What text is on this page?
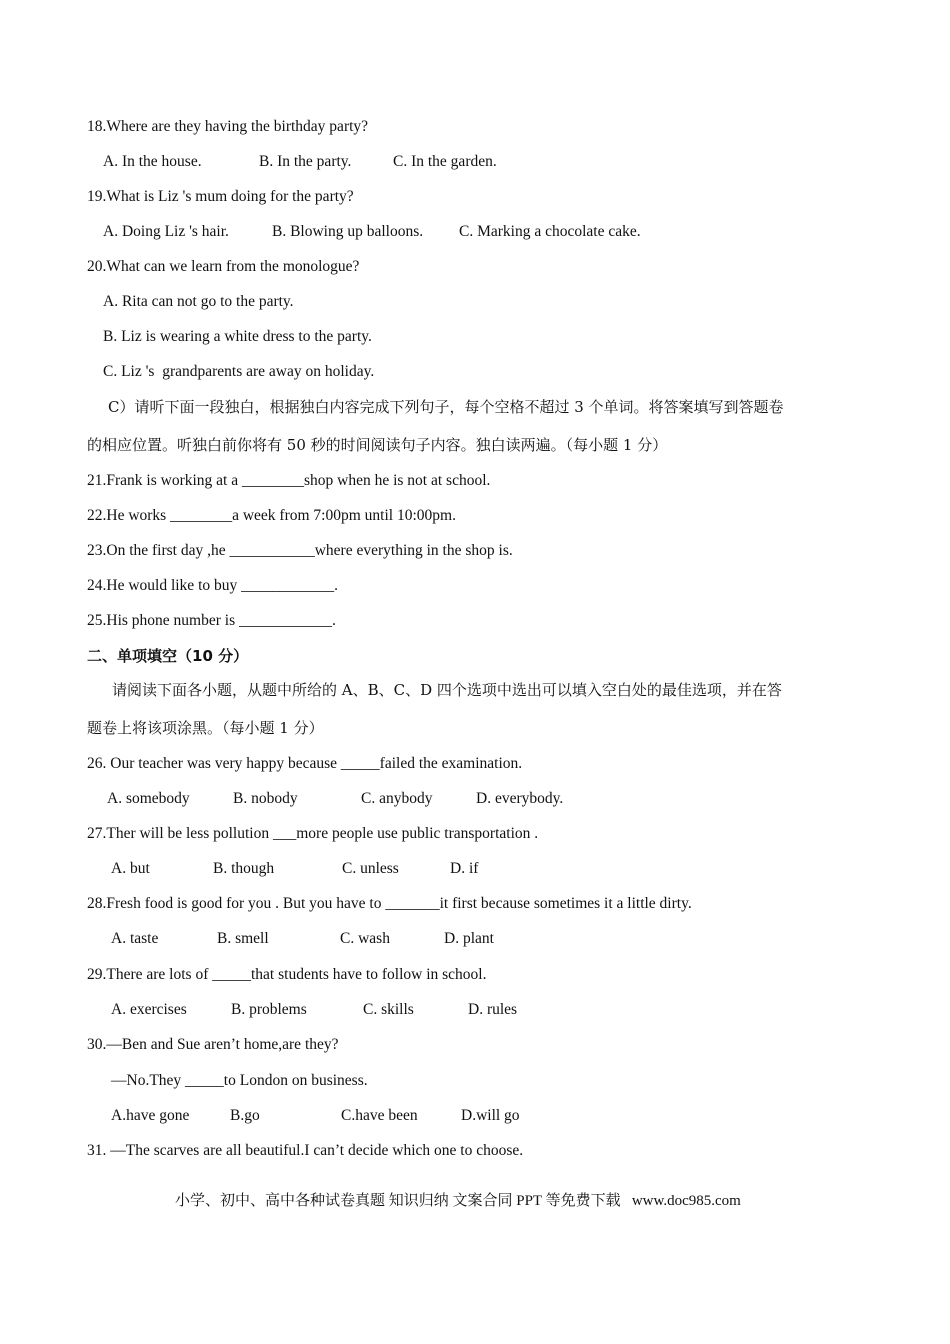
18.Where are they having the birthday party?
A. In the house.	B. In the party.	C. In the garden.
19.What is Liz 's mum doing for the party?
A. Doing Liz 's hair.	B. Blowing up balloons. C. Marking a chocolate cake.
20.What can we learn from the monologue?
A. Rita can not go to the party.
B. Liz is wearing a white dress to the party.
C. Liz 's  grandparents are away on holiday.
C）请听下面一段独白，根据独白内容完成下列句子，每个空格不超过 3 个单词。将答案填写到答题卷
的相应位置。听独白前你将有 50 秒的时间阅读句子内容。独白读两遍。（每小题 1 分）
21.Frank is working at a ________shop when he is not at school.
22.He works ________a week from 7:00pm until 10:00pm.
23.On the first day ,he ___________where everything in the shop is.
24.He would like to buy ____________.
25.His phone number is ____________.
二、单项填空（10 分）
请阅读下面各小题，从题中所给的 A、B、C、D 四个选项中选出可以填入空白处的最佳选项，并在答
题卷上将该项涂黑。（每小题 1 分）
26. Our teacher was very happy because _____failed the examination.
A. somebody	B. nobody	C. anybody	D. everybody.
27.Ther will be less pollution ___more people use public transportation .
A. but	B. though	C. unless	D. if
28.Fresh food is good for you . But you have to _______it first because sometimes it a little dirty.
A. taste	B. smell	C. wash	D. plant
29.There are lots of _____that students have to follow in school.
A. exercises	B. problems	C. skills	D. rules
30.—Ben and Sue aren’t home,are they?
—No.They _____to London on business.
A.have gone	B.go	C.have been	D.will go
31. —The scarves are all beautiful.I can’t decide which one to choose.
小学、初中、高中各种试卷真题 知识归纳 文案合同 PPT 等免费下载   www.doc985.com
